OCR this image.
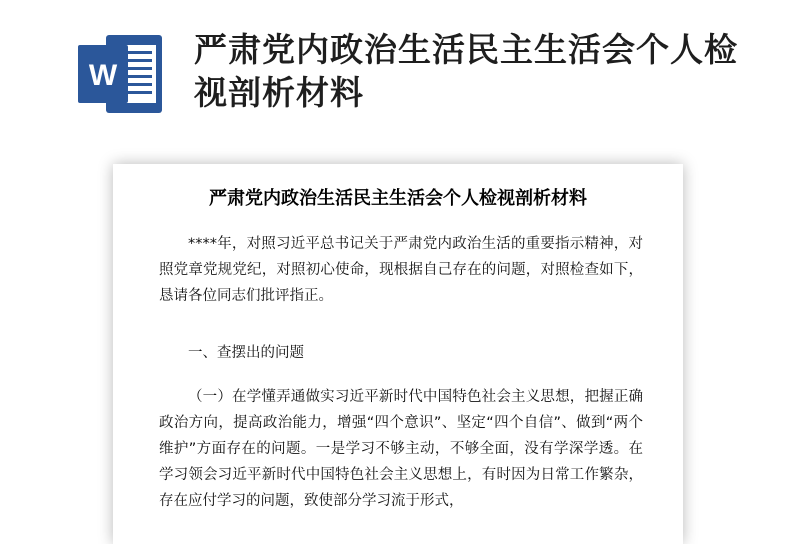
W
严肃党内政治生活民主生活会个人检视剖析材料
严肃党内政治生活民主生活会个人检视剖析材料
****年，对照习近平总书记关于严肃党内政治生活的重要指示精神，对照党章党规党纪，对照初心使命，现根据自己存在的问题，对照检查如下，恳请各位同志们批评指正。
一、查摆出的问题
（一）在学懂弄通做实习近平新时代中国特色社会主义思想，把握正确政治方向，提高政治能力，增强“四个意识”、坚定“四个自信”、做到“两个维护”方面存在的问题。一是学习不够主动，不够全面，没有学深学透。在学习领会习近平新时代中国特色社会主义思想上，有时因为日常工作繁杂，存在应付学习的问题，致使部分学习流于形式，
